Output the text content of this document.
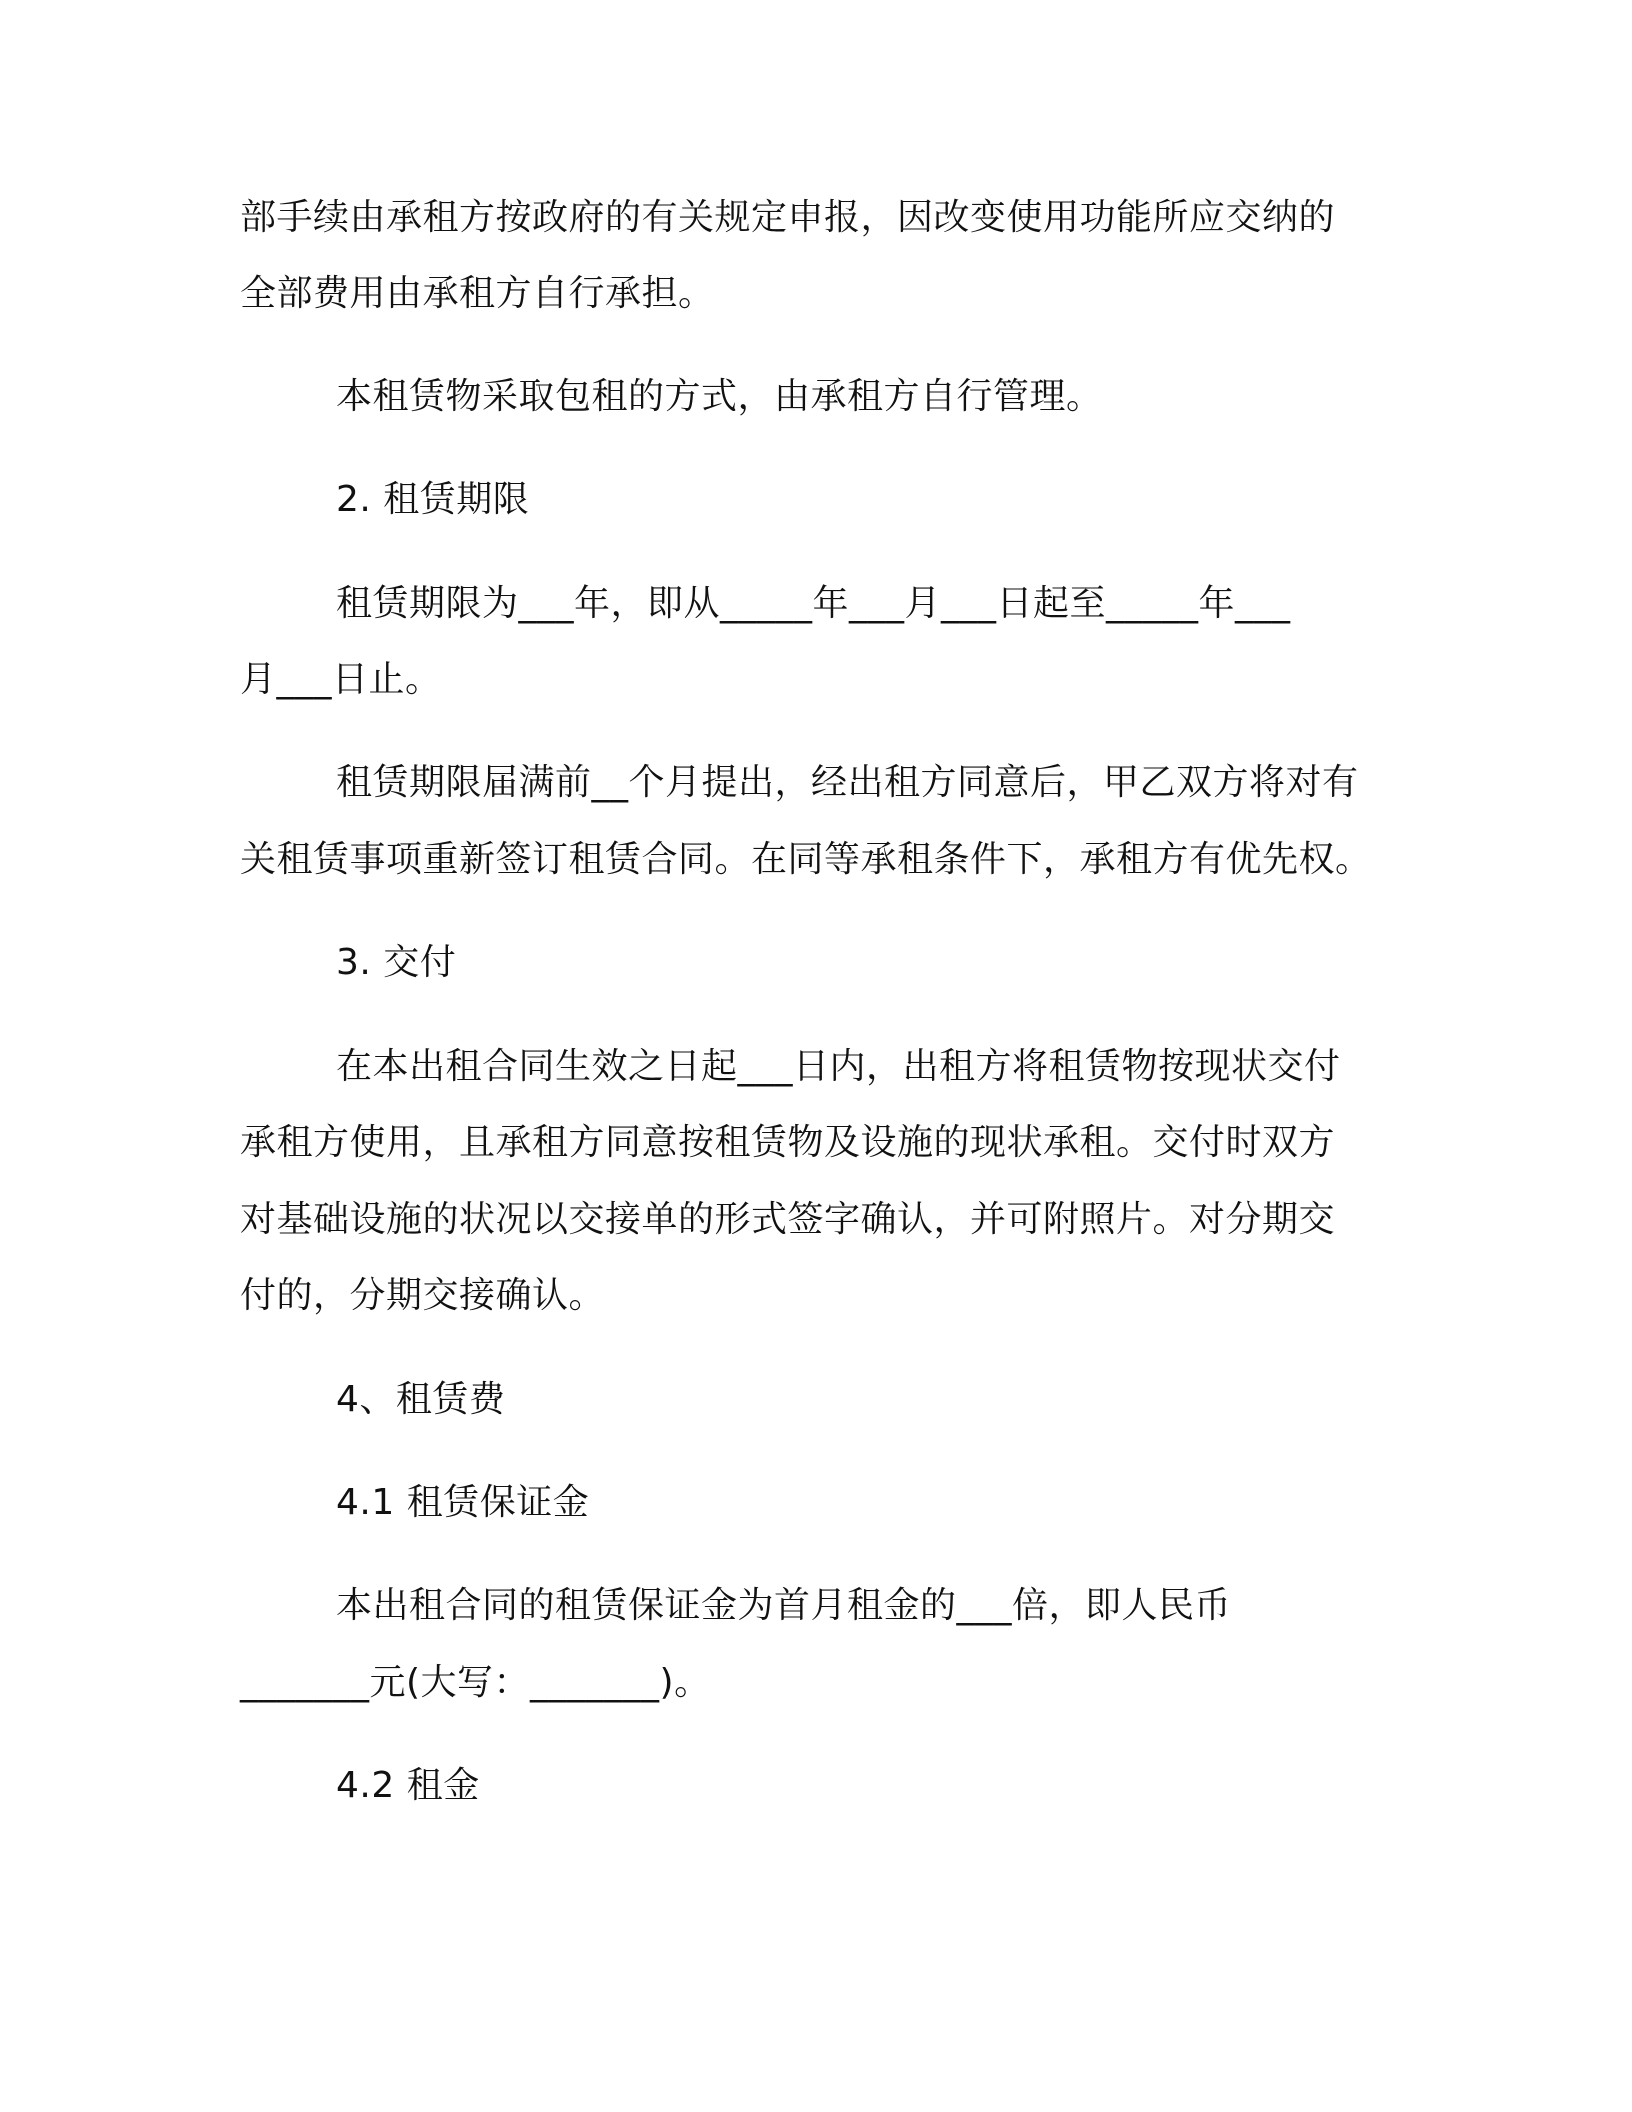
部手续由承租方按政府的有关规定申报，因改变使用功能所应交纳的
全部费用由承租方自行承担。
本租赁物采取包租的方式，由承租方自行管理。
2. 租赁期限
租赁期限为___年，即从_____年___月___日起至_____年___
月___日止。
租赁期限届满前__个月提出，经出租方同意后，甲乙双方将对有
关租赁事项重新签订租赁合同。在同等承租条件下，承租方有优先权。
3. 交付
在本出租合同生效之日起___日内，出租方将租赁物按现状交付
承租方使用，且承租方同意按租赁物及设施的现状承租。交付时双方
对基础设施的状况以交接单的形式签字确认，并可附照片。对分期交
付的，分期交接确认。
4、租赁费
4.1 租赁保证金
本出租合同的租赁保证金为首月租金的___倍，即人民币
_______元(大写：_______)。
4.2 租金
